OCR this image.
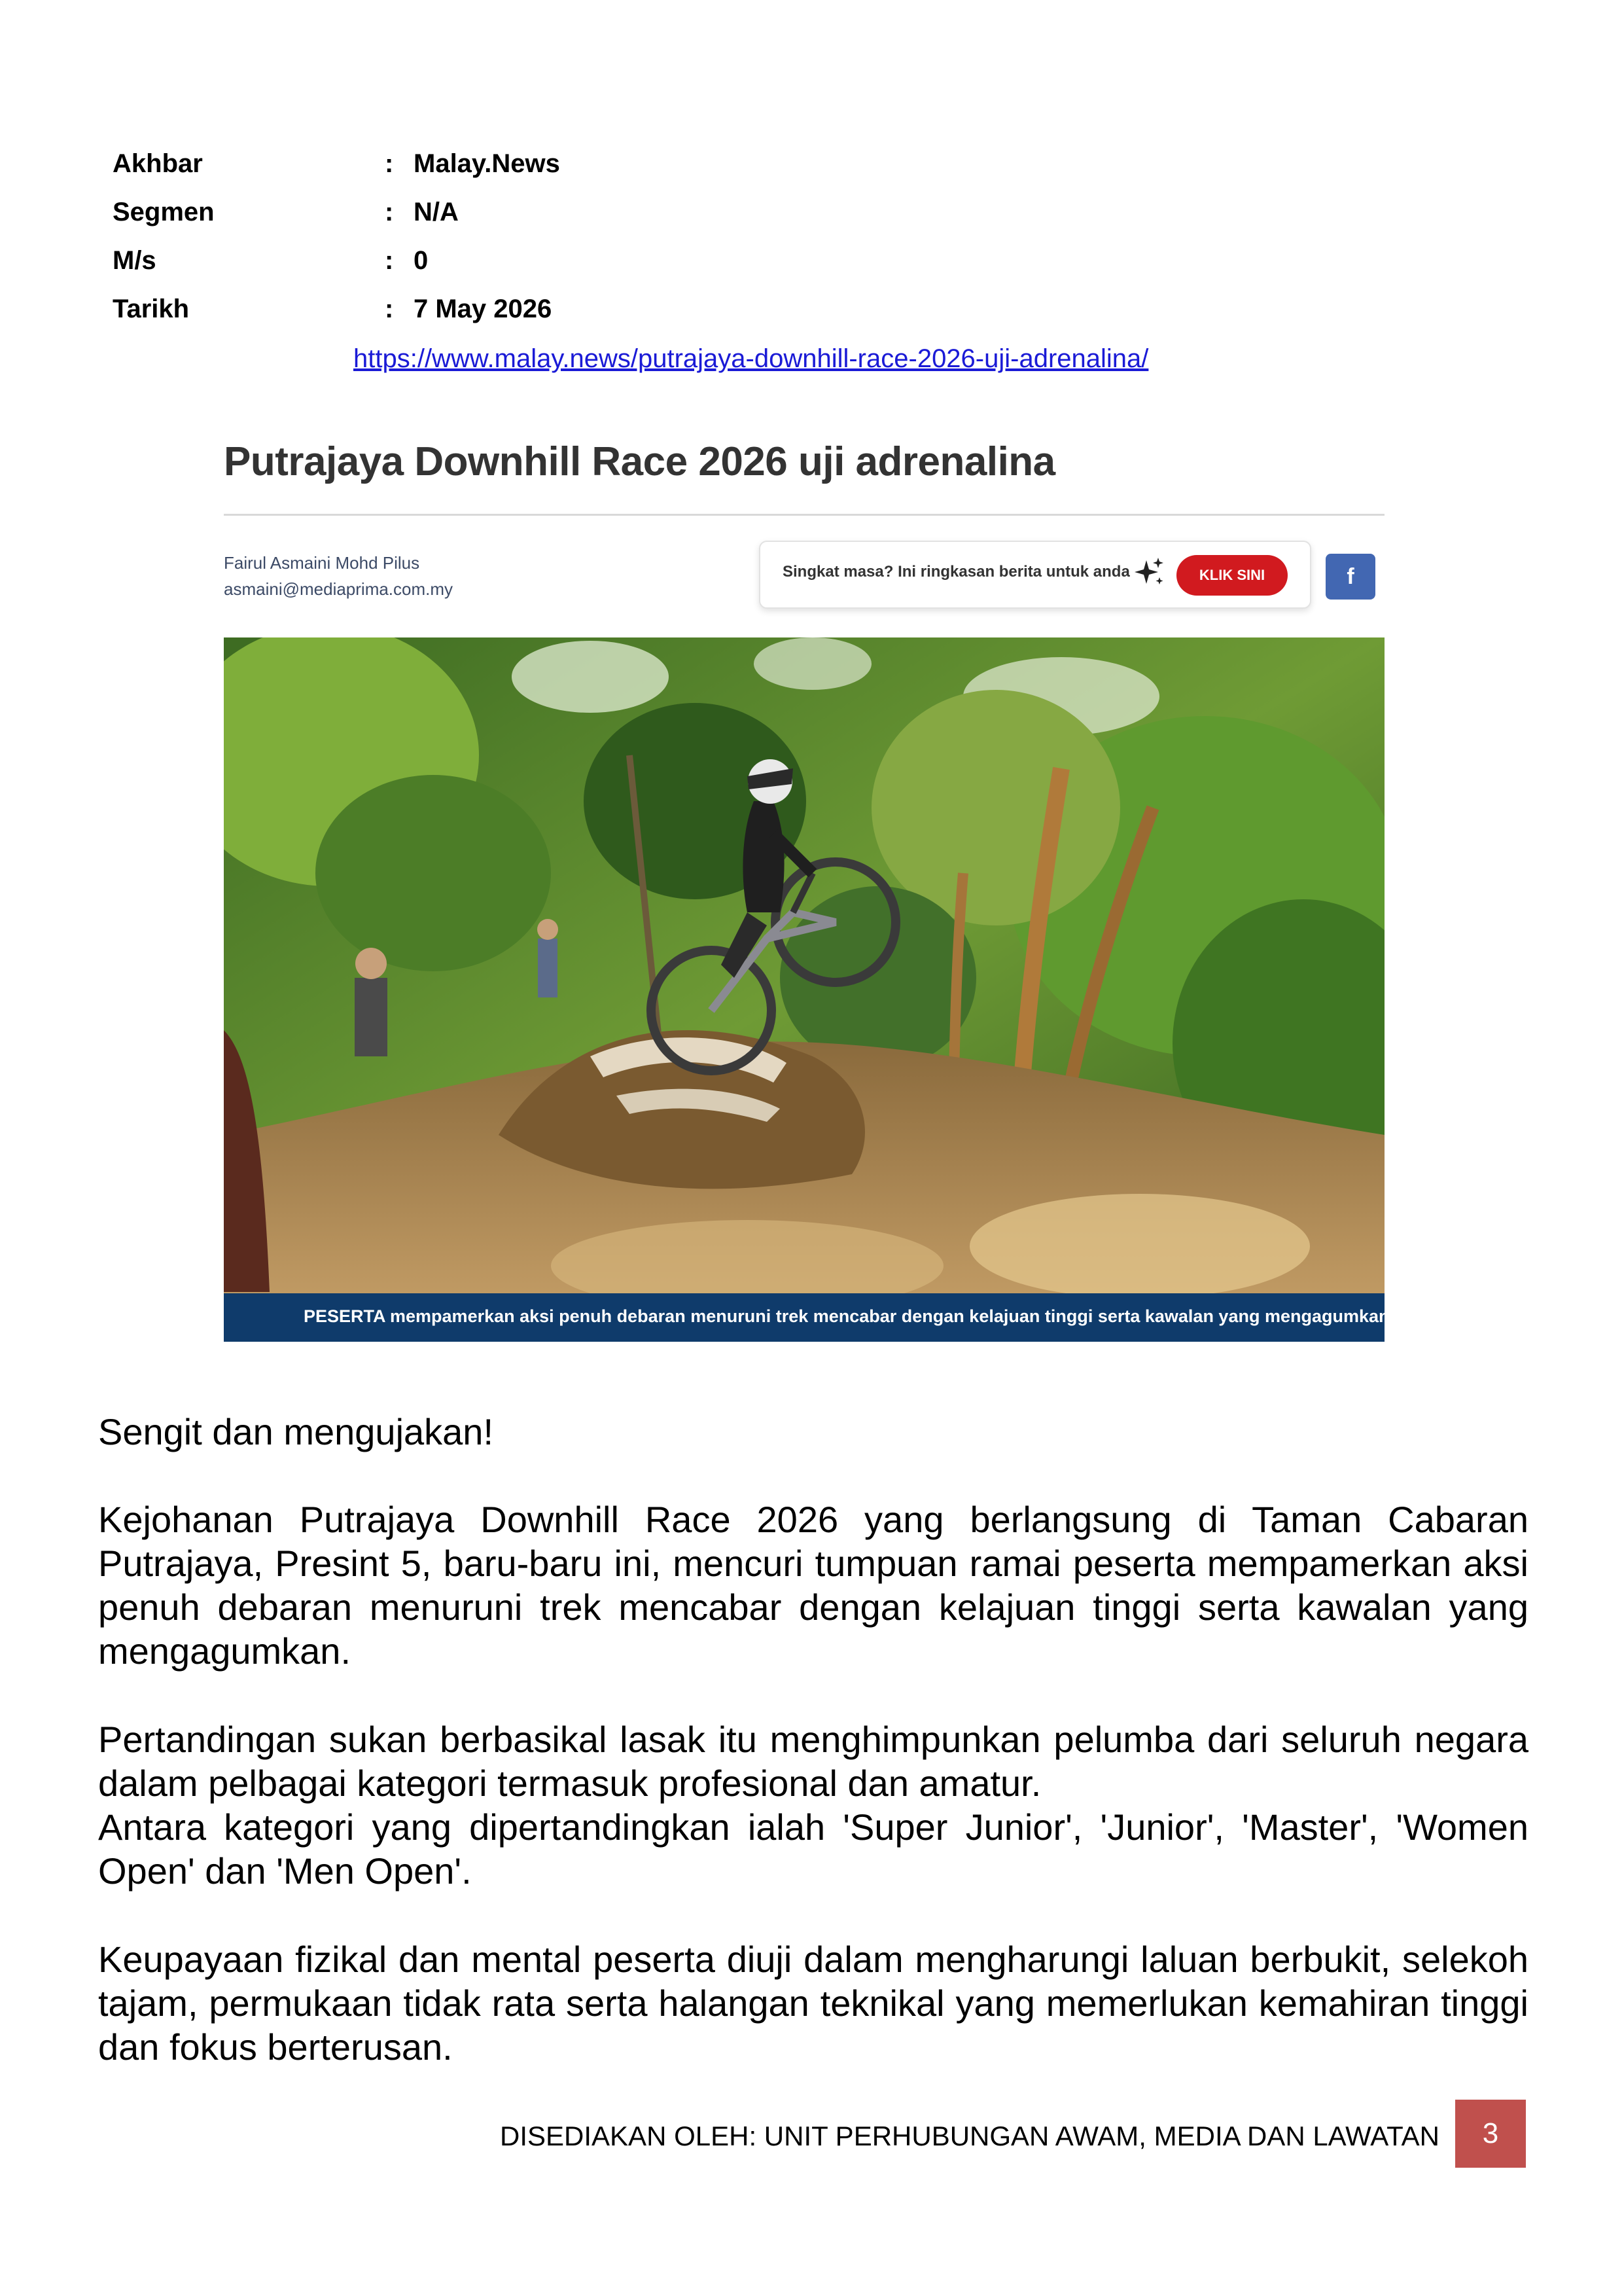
Akhbar	: Malay.News
Segmen	: N/A
M/s	: 0
Tarikh	: 7 May 2026
https://www.malay.news/putrajaya-downhill-race-2026-uji-adrenalina/
Putrajaya Downhill Race 2026 uji adrenalina
Fairul Asmaini Mohd Pilus
asmaini@mediaprima.com.my
Singkat masa? Ini ringkasan berita untuk anda	KLIK SINI	f
PESERTA mempamerkan aksi penuh debaran menuruni trek mencabar dengan kelajuan tinggi serta kawalan yang mengagumkan.
Sengit dan mengujakan!
Kejohanan Putrajaya Downhill Race 2026 yang berlangsung di Taman Cabaran Putrajaya, Presint 5, baru-baru ini, mencuri tumpuan ramai peserta mempamerkan aksi penuh debaran menuruni trek mencabar dengan kelajuan tinggi serta kawalan yang mengagumkan.
Pertandingan sukan berbasikal lasak itu menghimpunkan pelumba dari seluruh negara dalam pelbagai kategori termasuk profesional dan amatur.
Antara kategori yang dipertandingkan ialah 'Super Junior', 'Junior', 'Master', 'Women Open' dan 'Men Open'.
Keupayaan fizikal dan mental peserta diuji dalam mengharungi laluan berbukit, selekoh tajam, permukaan tidak rata serta halangan teknikal yang memerlukan kemahiran tinggi dan fokus berterusan.
DISEDIAKAN OLEH: UNIT PERHUBUNGAN AWAM, MEDIA DAN LAWATAN	3
